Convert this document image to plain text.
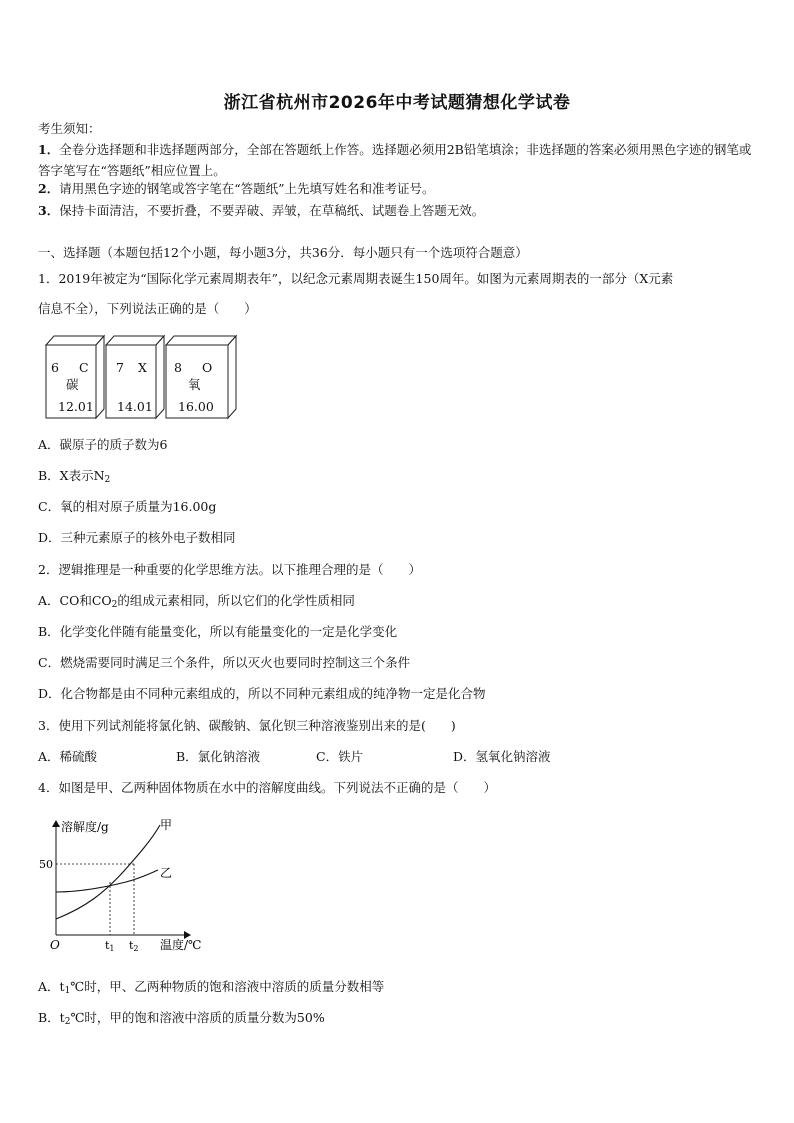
浙江省杭州市2026年中考试题猜想化学试卷
考生须知：
1．全卷分选择题和非选择题两部分，全部在答题纸上作答。选择题必须用2B铅笔填涂；非选择题的答案必须用黑色字迹的钢笔或答字笔写在“答题纸”相应位置上。
2．请用黑色字迹的钢笔或答字笔在“答题纸”上先填写姓名和准考证号。
3．保持卡面清洁，不要折叠，不要弄破、弄皱，在草稿纸、试题卷上答题无效。
一、选择题（本题包括12个小题，每小题3分，共36分．每小题只有一个选项符合题意）
1．2019年被定为“国际化学元素周期表年”，以纪念元素周期表诞生150周年。如图为元素周期表的一部分（X元素
信息不全），下列说法正确的是（　　）
6 C
碳
12.01
7 X
14.01
8 O
氧
16.00
A．碳原子的质子数为6
B．X表示$N_2$
C．氧的相对原子质量为16.00g
D．三种元素原子的核外电子数相同
2．逻辑推理是一种重要的化学思维方法。以下推理合理的是（　　）
A．CO和$CO_2$的组成元素相同，所以它们的化学性质相同
B．化学变化伴随有能量变化，所以有能量变化的一定是化学变化
C．燃烧需要同时满足三个条件，所以灭火也要同时控制这三个条件
D．化合物都是由不同种元素组成的，所以不同种元素组成的纯净物一定是化合物
3．使用下列试剂能将氯化钠、碳酸钠、氯化钡三种溶液鉴别出来的是(　　)
A．稀硫酸	B．氯化钠溶液	C．铁片	D．氢氧化钠溶液
4．如图是甲、乙两种固体物质在水中的溶解度曲线。下列说法不正确的是（　　）
溶解度/g	甲
乙
50
O	t1 t2 温度/℃
A．$t_1℃$时，甲、乙两种物质的饱和溶液中溶质的质量分数相等
B．$t_2℃$时，甲的饱和溶液中溶质的质量分数为50%
